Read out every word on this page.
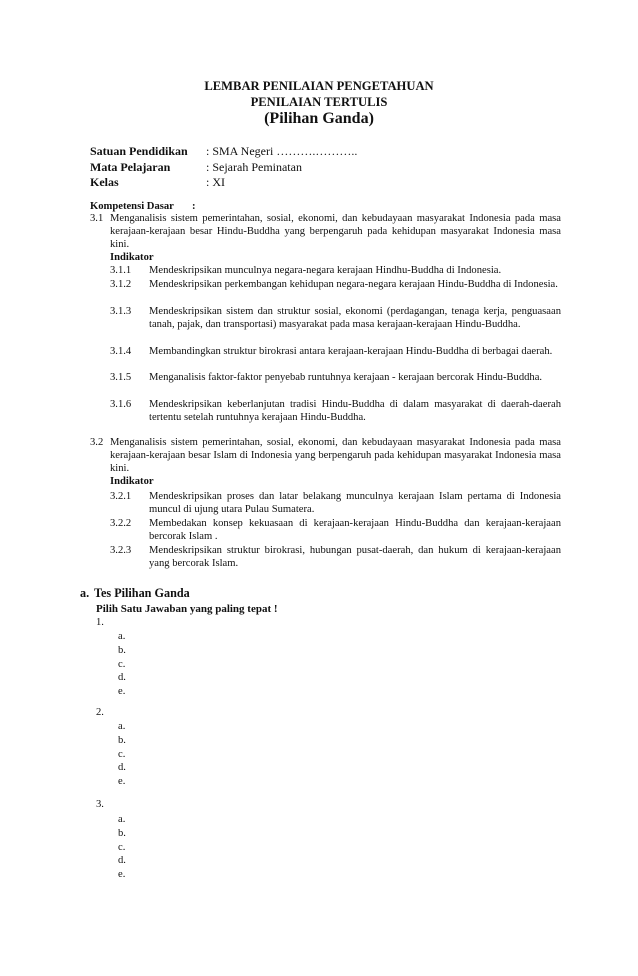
LEMBAR PENILAIAN PENGETAHUAN
PENILAIAN TERTULIS
(Pilihan Ganda)
Satuan Pendidikan : SMA Negeri ……….………..
Mata Pelajaran	: Sejarah Peminatan
Kelas	: XI
Kompetensi Dasar :
3.1 Menganalisis sistem pemerintahan, sosial, ekonomi, dan kebudayaan masyarakat Indonesia pada masa kerajaan-kerajaan besar Hindu-Buddha yang berpengaruh pada kehidupan masyarakat Indonesia masa kini.
Indikator
3.1.1 Mendeskripsikan munculnya negara-negara kerajaan Hindhu-Buddha di Indonesia.
3.1.2 Mendeskripsikan perkembangan kehidupan negara-negara kerajaan Hindu-Buddha di Indonesia.
3.1.3 Mendeskripsikan sistem dan struktur sosial, ekonomi (perdagangan, tenaga kerja, penguasaan tanah, pajak, dan transportasi) masyarakat pada masa kerajaan-kerajaan Hindu-Buddha.
3.1.4 Membandingkan struktur birokrasi antara kerajaan-kerajaan Hindu-Buddha di berbagai daerah.
3.1.5 Menganalisis faktor-faktor penyebab runtuhnya kerajaan - kerajaan bercorak Hindu-Buddha.
3.1.6 Mendeskripsikan keberlanjutan tradisi Hindu-Buddha di dalam masyarakat di daerah-daerah tertentu setelah runtuhnya kerajaan Hindu-Buddha.
3.2 Menganalisis sistem pemerintahan, sosial, ekonomi, dan kebudayaan masyarakat Indonesia pada masa kerajaan-kerajaan besar Islam di Indonesia yang berpengaruh pada kehidupan masyarakat Indonesia masa kini.
Indikator
3.2.1 Mendeskripsikan proses dan latar belakang munculnya kerajaan Islam pertama di Indonesia muncul di ujung utara Pulau Sumatera.
3.2.2 Membedakan konsep kekuasaan di kerajaan-kerajaan Hindu-Buddha dan kerajaan-kerajaan bercorak Islam .
3.2.3 Mendeskripsikan struktur birokrasi, hubungan pusat-daerah, dan hukum di kerajaan-kerajaan yang bercorak Islam.
a. Tes Pilihan Ganda
Pilih Satu Jawaban yang paling tepat !
1.
a.
b.
c.
d.
e.
2.
a.
b.
c.
d.
e.
3.
a.
b.
c.
d.
e.
